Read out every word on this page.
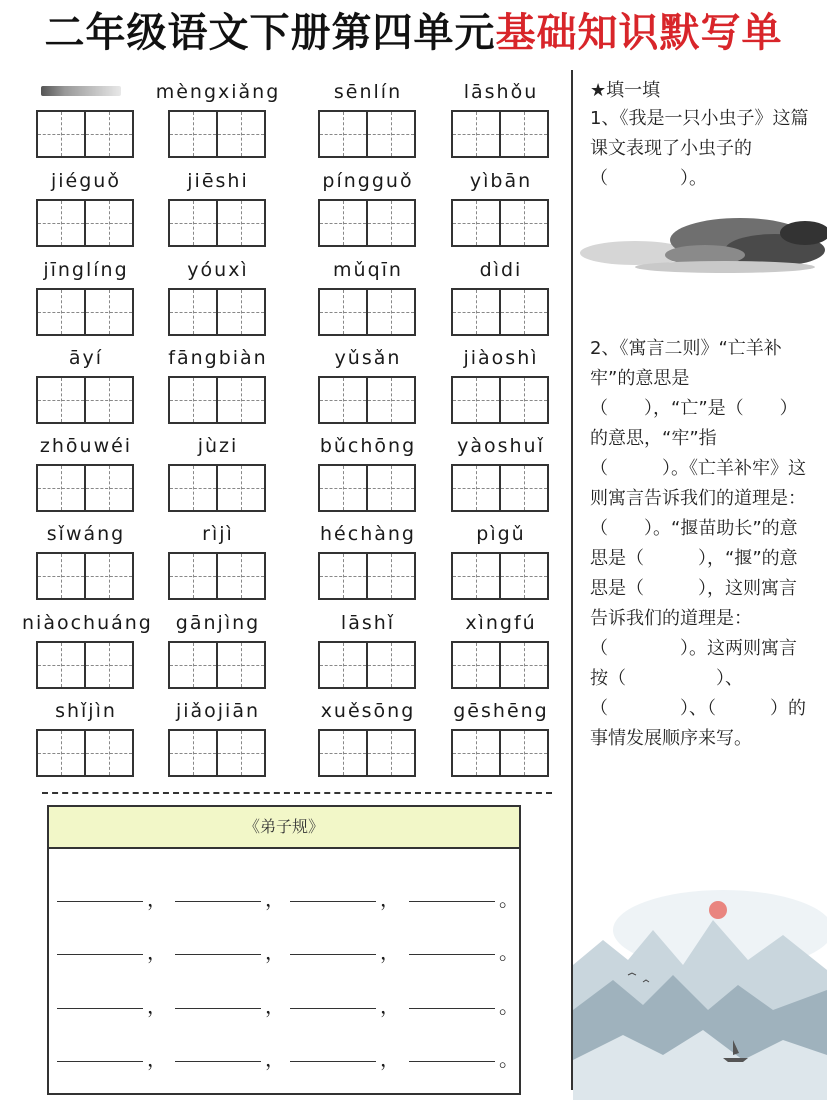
二年级语文下册第四单元基础知识默写单
mèngxiǎng	sēnlín	lāshǒu
jiéguǒ	jiēshi	píngguǒ	yìbān
jīnglíng	yóuxì	mǔqīn	dìdi
āyí	fāngbiàn	yǔsǎn	jiàoshì
zhōuwéi	jùzi	bǔchōng	yàoshuǐ
sǐwáng	rìjì	héchàng	pìgǔ
niàochuáng	gānjìng	lāshǐ	xìngfú
shǐjìn	jiǎojiān	xuěsōng	gēshēng
《弟子规》
，	，	，	。
，	，	，	。
，	，	，	。
，	，	，	。
★填一填
1、《我是一只小虫子》这篇课文表现了小虫子的（　　　　）。
2、《寓言二则》“亡羊补牢”的意思是（　　），“亡”是（　　）的意思，“牢”指（　　　）。《亡羊补牢》这则寓言告诉我们的道理是：（　　）。“揠苗助长”的意思是（　　　），“揠”的意思是（　　　），这则寓言告诉我们的道理是：（　　　　）。这两则寓言按（　　　　　）、（　　　　）、（　　　）的事情发展顺序来写。
